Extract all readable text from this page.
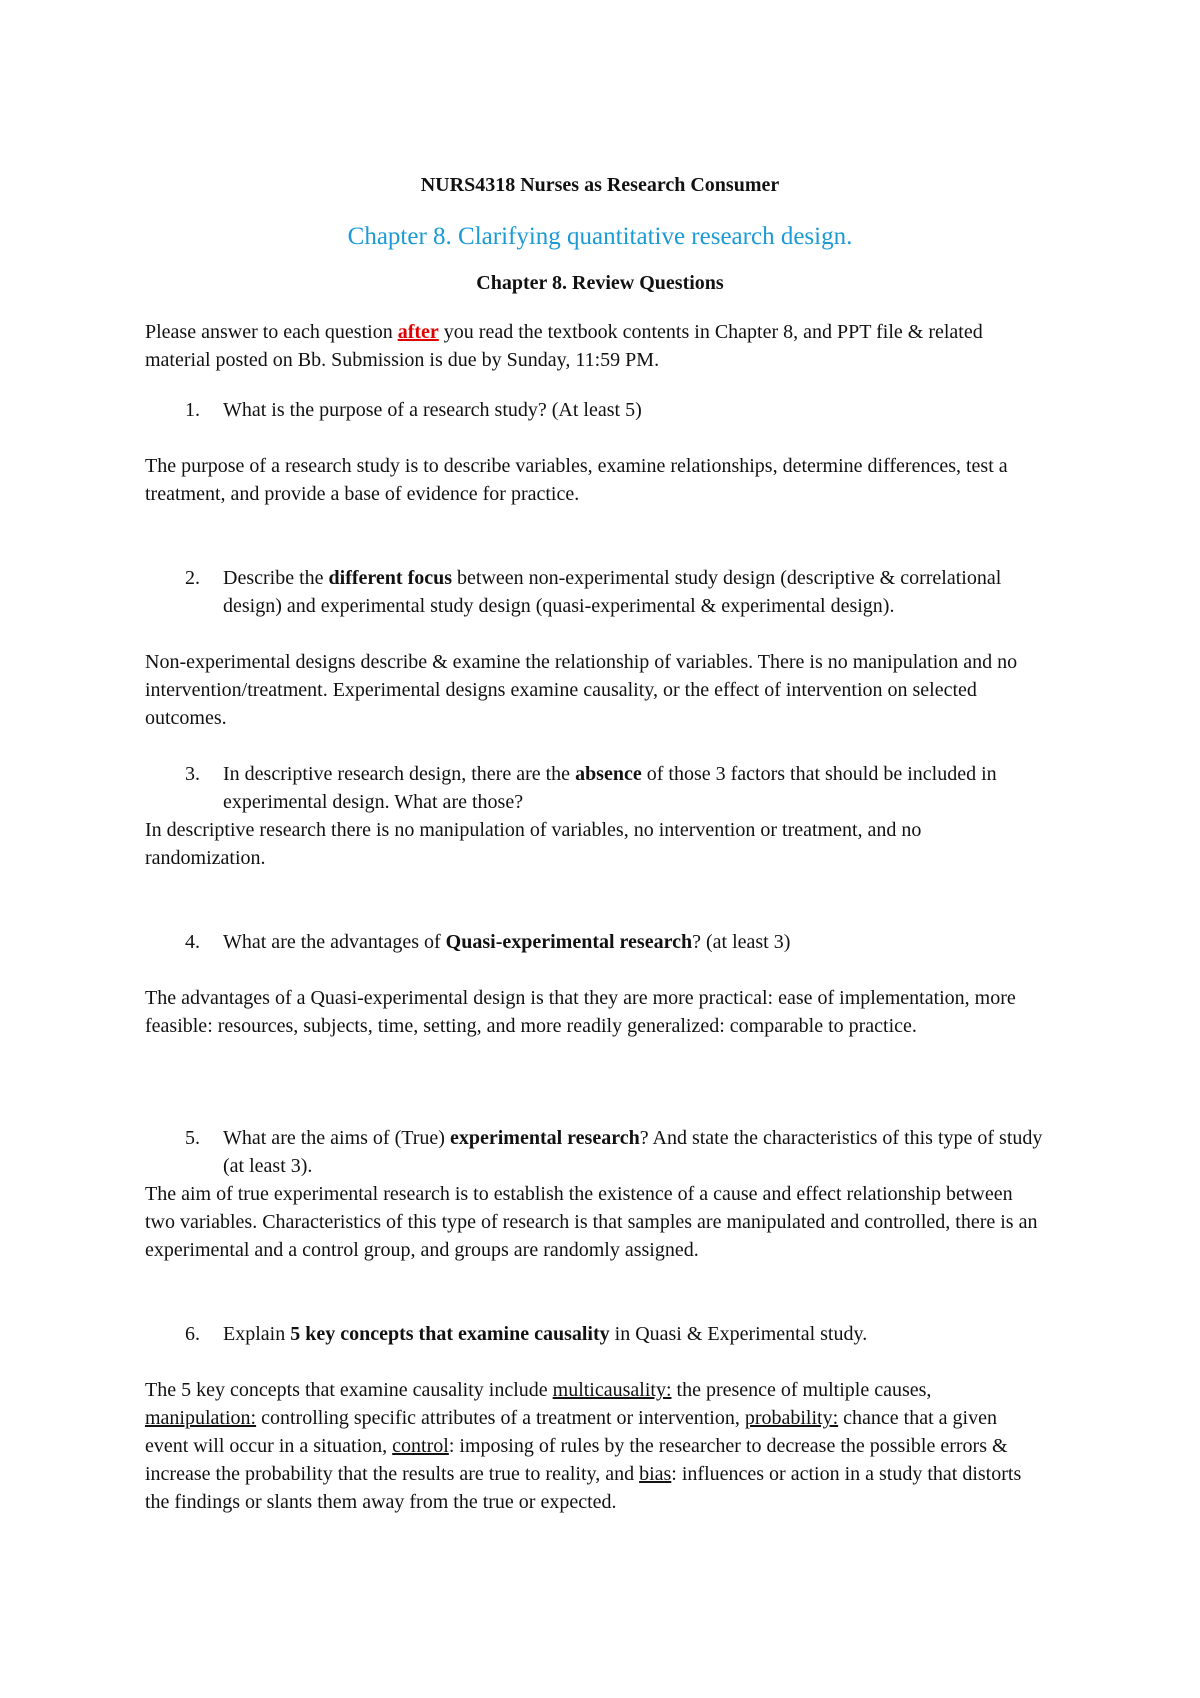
NURS4318 Nurses as Research Consumer
Chapter 8. Clarifying quantitative research design.
Chapter 8. Review Questions
Please answer to each question after you read the textbook contents in Chapter 8, and PPT file & related material posted on Bb. Submission is due by Sunday, 11:59 PM.
1.	What is the purpose of a research study? (At least 5)
The purpose of a research study is to describe variables, examine relationships, determine differences, test a treatment, and provide a base of evidence for practice.
2.	Describe the different focus between non-experimental study design (descriptive & correlational design) and experimental study design (quasi-experimental & experimental design).
Non-experimental designs describe & examine the relationship of variables. There is no manipulation and no intervention/treatment. Experimental designs examine causality, or the effect of intervention on selected outcomes.
3.	In descriptive research design, there are the absence of those 3 factors that should be included in experimental design. What are those?
In descriptive research there is no manipulation of variables, no intervention or treatment, and no randomization.
4.	What are the advantages of Quasi-experimental research? (at least 3)
The advantages of a Quasi-experimental design is that they are more practical: ease of implementation, more feasible: resources, subjects, time, setting, and more readily generalized: comparable to practice.
5.	What are the aims of (True) experimental research? And state the characteristics of this type of study (at least 3).
The aim of true experimental research is to establish the existence of a cause and effect relationship between two variables. Characteristics of this type of research is that samples are manipulated and controlled, there is an experimental and a control group, and groups are randomly assigned.
6.	Explain 5 key concepts that examine causality in Quasi & Experimental study.
The 5 key concepts that examine causality include multicausality: the presence of multiple causes, manipulation: controlling specific attributes of a treatment or intervention, probability: chance that a given event will occur in a situation, control: imposing of rules by the researcher to decrease the possible errors & increase the probability that the results are true to reality, and bias: influences or action in a study that distorts the findings or slants them away from the true or expected.
